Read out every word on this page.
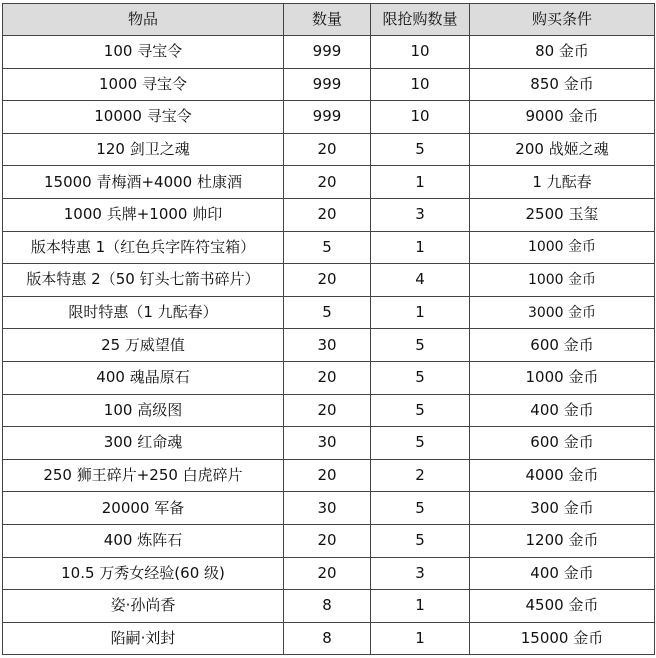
物品	数量	限抢购数量	购买条件
100 寻宝令	999	10	80 金币
1000 寻宝令	999	10	850 金币
10000 寻宝令	999	10	9000 金币
120 剑卫之魂	20	5	200 战姬之魂
15000 青梅酒+4000 杜康酒	20	1	1 九酝春
1000 兵牌+1000 帅印	20	3	2500 玉玺
版本特惠 1（红色兵字阵符宝箱）	5	1	1000 金币
版本特惠 2（50 钉头七箭书碎片）	20	4	1000 金币
限时特惠（1 九酝春）	5	1	3000 金币
25 万威望值	30	5	600 金币
400 魂晶原石	20	5	1000 金币
100 高级图	20	5	400 金币
300 红命魂	30	5	600 金币
250 狮王碎片+250 白虎碎片	20	2	4000 金币
20000 军备	30	5	300 金币
400 炼阵石	20	5	1200 金币
10.5 万秀女经验(60 级)	20	3	400 金币
姿·孙尚香	8	1	4500 金币
陷嗣·刘封	8	1	15000 金币
